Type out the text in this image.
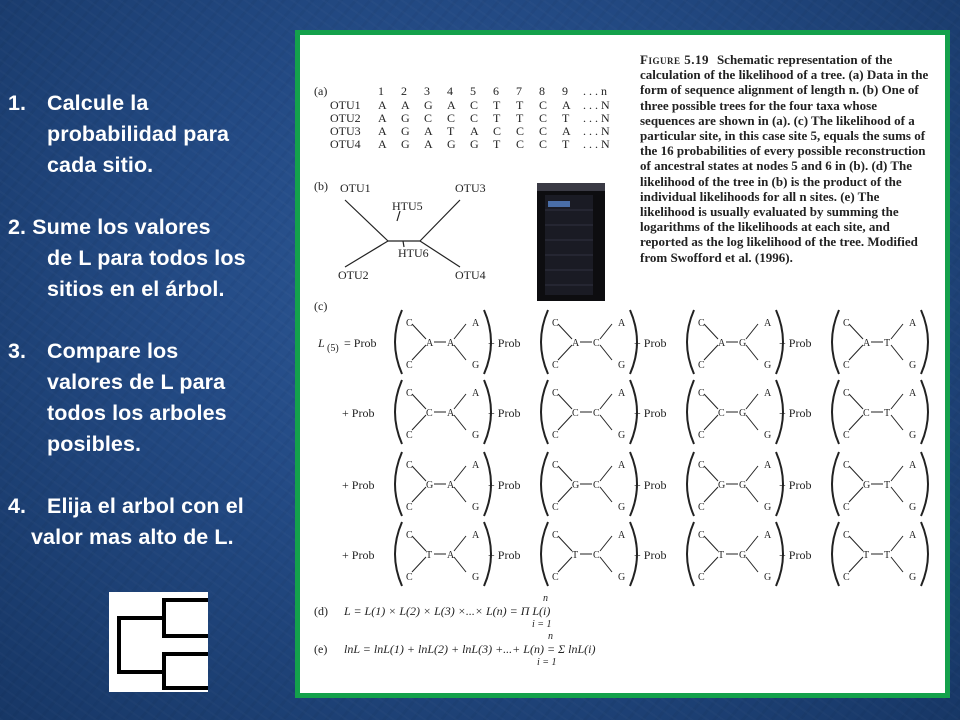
1. Calcule la
probabilidad para
cada sitio.
2. Sume los valores
de L para todos los
sitios en el árbol.
3. Compare los
valores de L para
todos los arboles
posibles.
4. Elija el arbol con el
valor mas alto de L.
Figure 5.19 Schematic representation of the calculation of the likelihood of a tree. (a) Data in the form of sequence alignment of length n. (b) One of three possible trees for the four taxa whose sequences are shown in (a). (c) The likelihood of a particular site, in this case site 5, equals the sums of the 16 probabilities of every possible reconstruction of ancestral states at nodes 5 and 6 in (b). (d) The likelihood of the tree in (b) is the product of the individual likelihoods for all n sites. (e) The likelihood is usually evaluated by summing the logarithms of the likelihoods at each site, and reported as the log likelihood of the tree. Modified from Swofford et al. (1996).
(a)	1 2 3 4 5 6 7 8 9 . . . n
OTU1 A A G A C T T C A . . . N
OTU2 A G C C C T T C T . . . N
OTU3 A G A T A C C C A . . . N
OTU4 A G A G G T C C T . . . N
(b) OTU1
OTU2
OTU3
OTU4
HTU5
HTU6
(c)
L (5) = Prob
C
C
A
G
A A	+ Prob
C
C
A
G
A C	+ Prob
C
C
A
G
A G	+ Prob
C
C
A
G
A T
+ Prob
C
C
A
G
C A	+ Prob
C
C
A
G
C C	+ Prob
C
C
A
G
C G	+ Prob
C
C
A
G
C T
+ Prob
C
C
A
G
G A	+ Prob
C
C
A
G
G C	+ Prob
C
C
A
G
G G	+ Prob
C
C
A
G
G T
+ Prob
C
C
A
G
T A	+ Prob
C
C
A
G
T C	+ Prob
C
C
A
G
T G	+ Prob
C
C
A
G
T T
(d) L = L(1) × L(2) × L(3) ×...× L(n) = Π L(i)
n
i = 1
(e) lnL = lnL(1) + lnL(2) + lnL(3) +...+ L(n) = Σ lnL(i)
n
i = 1
